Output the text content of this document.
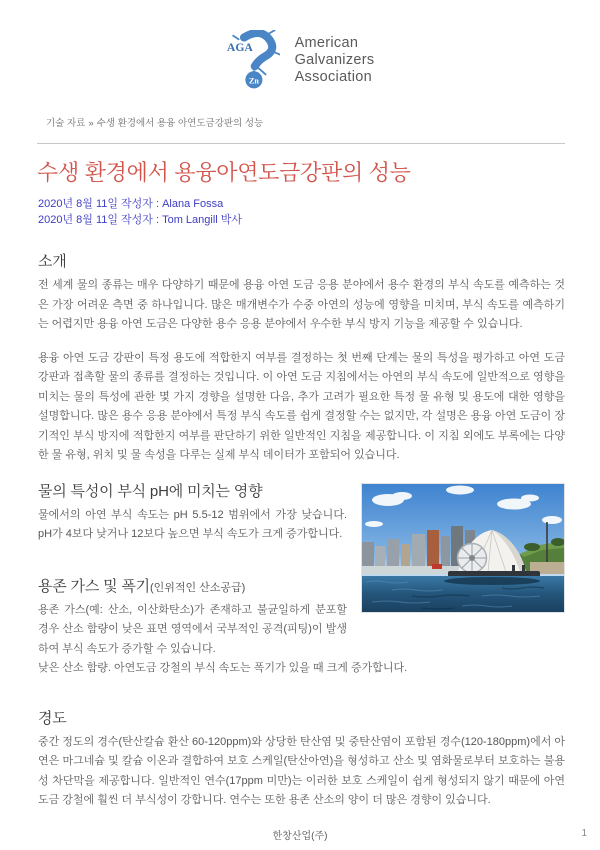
AGA
Zn
American
Galvanizers
Association
기술 자료 » 수생 환경에서 용융 아연도금강판의 성능
수생 환경에서 용융아연도금강판의 성능
2020년 8월 11일 작성자 : Alana Fossa
2020년 8월 11일 작성자 : Tom Langill 박사
소개

전 세계 물의 종류는 매우 다양하기 때문에 용융 아연 도금 응용 분야에서 용수 환경의 부식 속도를 예측하는 것은 가장 어려운 측면 중 하나입니다. 많은 매개변수가 수중 아연의 성능에 영향을 미치며, 부식 속도를 예측하기는 어렵지만 용융 아연 도금은 다양한 용수 응용 분야에서 우수한 부식 방지 기능을 제공할 수 있습니다.

용융 아연 도금 강판이 특정 용도에 적합한지 여부를 결정하는 첫 번째 단계는 물의 특성을 평가하고 아연 도금 강판과 접촉할 물의 종류를 결정하는 것입니다. 이 아연 도금 지침에서는 아연의 부식 속도에 일반적으로 영향을 미치는 물의 특성에 관한 몇 가지 경향을 설명한 다음, 추가 고려가 필요한 특정 물 유형 및 용도에 대한 영향을 설명합니다. 많은 용수 응용 분야에서 특정 부식 속도를 쉽게 결정할 수는 없지만, 각 설명은 용융 아연 도금이 장기적인 부식 방지에 적합한지 여부를 판단하기 위한 일반적인 지침을 제공합니다. 이 지침 외에도 부록에는 다양한 물 유형, 위치 및 물 속성을 다루는 실제 부식 데이터가 포함되어 있습니다.

물의 특성이 부식 pH에 미치는 영향

물에서의 아연 부식 속도는 pH 5.5-12 범위에서 가장 낮습니다. pH가 4보다 낮거나 12보다 높으면 부식 속도가 크게 증가합니다.

용존 가스 및 폭기(인위적인 산소공급)

용존 가스(예: 산소, 이산화탄소)가 존재하고 불균일하게 분포할 경우 산소 함량이 낮은 표면 영역에서 국부적인 공격(피팅)이 발생하여 부식 속도가 증가할 수 있습니다.

낮은 산소 함량. 아연도금 강철의 부식 속도는 폭기가 있을 때 크게 증가합니다.

경도

중간 정도의 경수(탄산칼슘 환산 60-120ppm)와 상당한 탄산염 및 중탄산염이 포함된 경수(120-180ppm)에서 아연은 마그네슘 및 칼슘 이온과 결합하여 보호 스케일(탄산아연)을 형성하고 산소 및 염화물로부터 보호하는 불용성 차단막을 제공합니다. 일반적인 연수(17ppm 미만)는 이러한 보호 스케일이 쉽게 형성되지 않기 때문에 아연 도금 강철에 훨씬 더 부식성이 강합니다. 연수는 또한 용존 산소의 양이 더 많은 경향이 있습니다.

한창산업(주)	1
